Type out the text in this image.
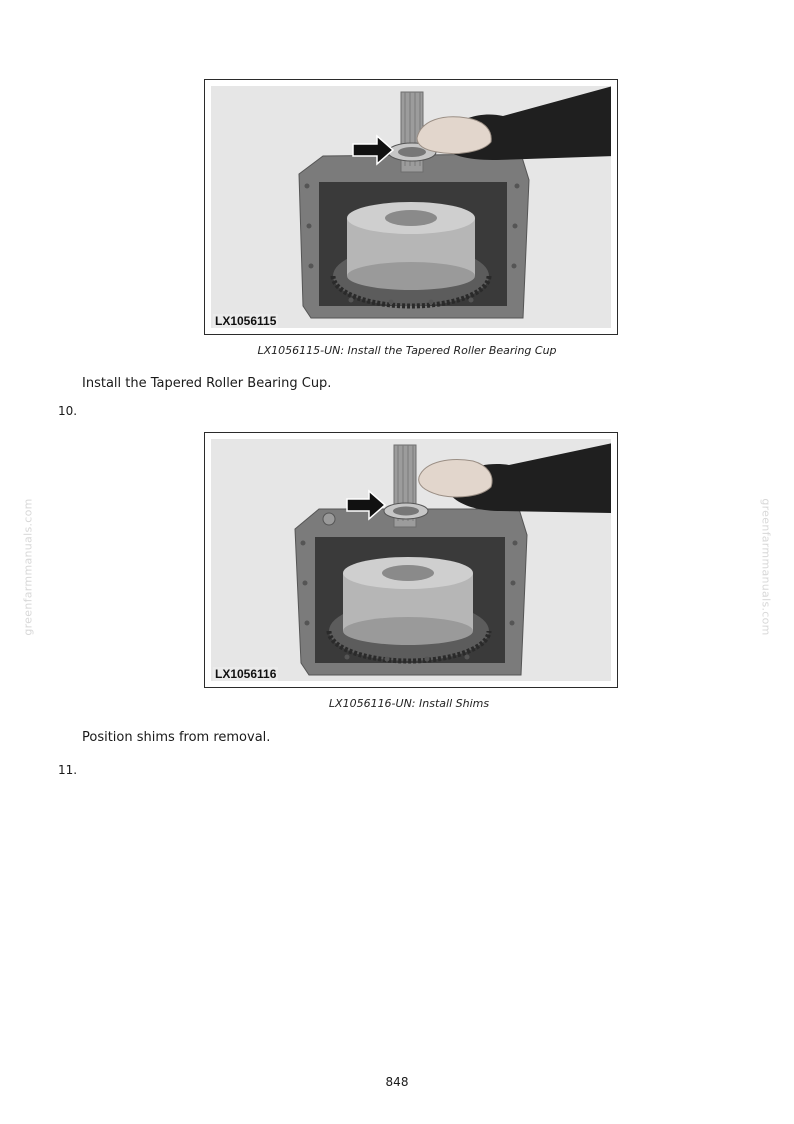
greenfarmmanuals.com	greenfarmmanuals.com
LX1056115
LX1056115-UN: Install the Tapered Roller Bearing Cup
Install the Tapered Roller Bearing Cup.
10.
LX1056116
LX1056116-UN: Install Shims
Position shims from removal.
11.
848
